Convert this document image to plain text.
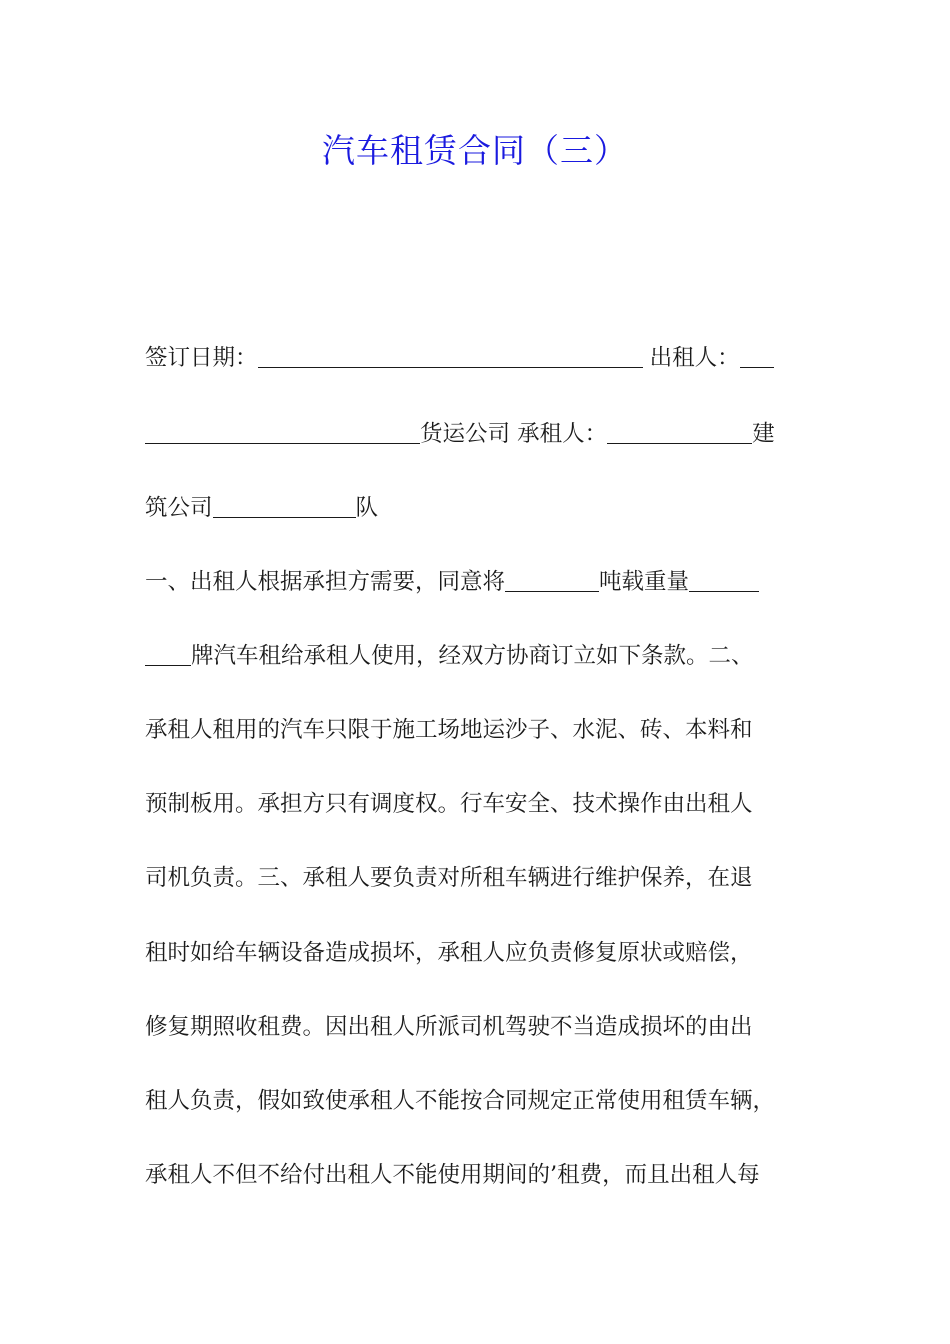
汽车租赁合同（三）
签订日期：	出租人：
货运公司 承租人：	建
筑公司	队
一、出租人根据承担方需要，同意将	吨载重量
牌汽车租给承租人使用，经双方协商订立如下条款。二、
承租人租用的汽车只限于施工场地运沙子、水泥、砖、本料和
预制板用。承担方只有调度权。行车安全、技术操作由出租人
司机负责。三、承租人要负责对所租车辆进行维护保养，在退
租时如给车辆设备造成损坏，承租人应负责修复原状或赔偿，
修复期照收租费。因出租人所派司机驾驶不当造成损坏的由出
租人负责，假如致使承租人不能按合同规定正常使用租赁车辆，
承租人不但不给付出租人不能使用期间的’租费，而且出租人每
